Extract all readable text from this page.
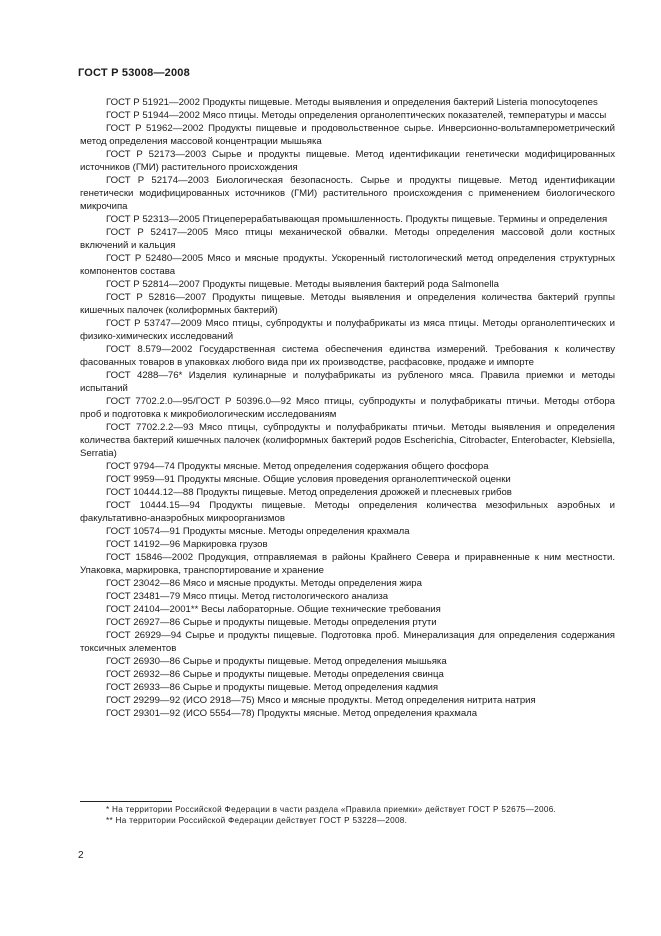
ГОСТ Р 53008—2008

ГОСТ Р 51921—2002 Продукты пищевые. Методы выявления и определения бактерий Listeria monocytoqenes

ГОСТ Р 51944—2002 Мясо птицы. Методы определения органолептических показателей, температуры и массы

ГОСТ Р 51962—2002 Продукты пищевые и продовольственное сырье. Инверсионно-вольтамперометрический метод определения массовой концентрации мышьяка

ГОСТ Р 52173—2003 Сырье и продукты пищевые. Метод идентификации генетически модифицированных источников (ГМИ) растительного происхождения

ГОСТ Р 52174—2003 Биологическая безопасность. Сырье и продукты пищевые. Метод идентификации генетически модифицированных источников (ГМИ) растительного происхождения с применением биологического микрочипа

ГОСТ Р 52313—2005 Птицеперерабатывающая промышленность. Продукты пищевые. Термины и определения

ГОСТ Р 52417—2005 Мясо птицы механической обвалки. Методы определения массовой доли костных включений и кальция

ГОСТ Р 52480—2005 Мясо и мясные продукты. Ускоренный гистологический метод определения структурных компонентов состава

ГОСТ Р 52814—2007 Продукты пищевые. Методы выявления бактерий рода Salmonella

ГОСТ Р 52816—2007 Продукты пищевые. Методы выявления и определения количества бактерий группы кишечных палочек (колиформных бактерий)

ГОСТ Р 53747—2009 Мясо птицы, субпродукты и полуфабрикаты из мяса птицы. Методы органолептических и физико-химических исследований

ГОСТ 8.579—2002 Государственная система обеспечения единства измерений. Требования к количеству фасованных товаров в упаковках любого вида при их производстве, расфасовке, продаже и импорте

ГОСТ 4288—76* Изделия кулинарные и полуфабрикаты из рубленого мяса. Правила приемки и методы испытаний

ГОСТ 7702.2.0—95/ГОСТ Р 50396.0—92 Мясо птицы, субпродукты и полуфабрикаты птичьи. Методы отбора проб и подготовка к микробиологическим исследованиям

ГОСТ 7702.2.2—93 Мясо птицы, субпродукты и полуфабрикаты птичьи. Методы выявления и определения количества бактерий кишечных палочек (колиформных бактерий родов Escherichia, Citrobacter, Enterobacter, Klebsiella, Serratia)

ГОСТ 9794—74 Продукты мясные. Метод определения содержания общего фосфора

ГОСТ 9959—91 Продукты мясные. Общие условия проведения органолептической оценки

ГОСТ 10444.12—88 Продукты пищевые. Метод определения дрожжей и плесневых грибов

ГОСТ 10444.15—94 Продукты пищевые. Методы определения количества мезофильных аэробных и факультативно-анаэробных микроорганизмов

ГОСТ 10574—91 Продукты мясные. Методы определения крахмала

ГОСТ 14192—96 Маркировка грузов

ГОСТ 15846—2002 Продукция, отправляемая в районы Крайнего Севера и приравненные к ним местности. Упаковка, маркировка, транспортирование и хранение

ГОСТ 23042—86 Мясо и мясные продукты. Методы определения жира

ГОСТ 23481—79 Мясо птицы. Метод гистологического анализа

ГОСТ 24104—2001** Весы лабораторные. Общие технические требования

ГОСТ 26927—86 Сырье и продукты пищевые. Методы определения ртути

ГОСТ 26929—94 Сырье и продукты пищевые. Подготовка проб. Минерализация для определения содержания токсичных элементов

ГОСТ 26930—86 Сырье и продукты пищевые. Метод определения мышьяка

ГОСТ 26932—86 Сырье и продукты пищевые. Методы определения свинца

ГОСТ 26933—86 Сырье и продукты пищевые. Метод определения кадмия

ГОСТ 29299—92 (ИСО 2918—75) Мясо и мясные продукты. Метод определения нитрита натрия

ГОСТ 29301—92 (ИСО 5554—78) Продукты мясные. Метод определения крахмала

* На территории Российской Федерации в части раздела «Правила приемки» действует ГОСТ Р 52675—2006.

** На территории Российской Федерации действует ГОСТ Р 53228—2008.

2
